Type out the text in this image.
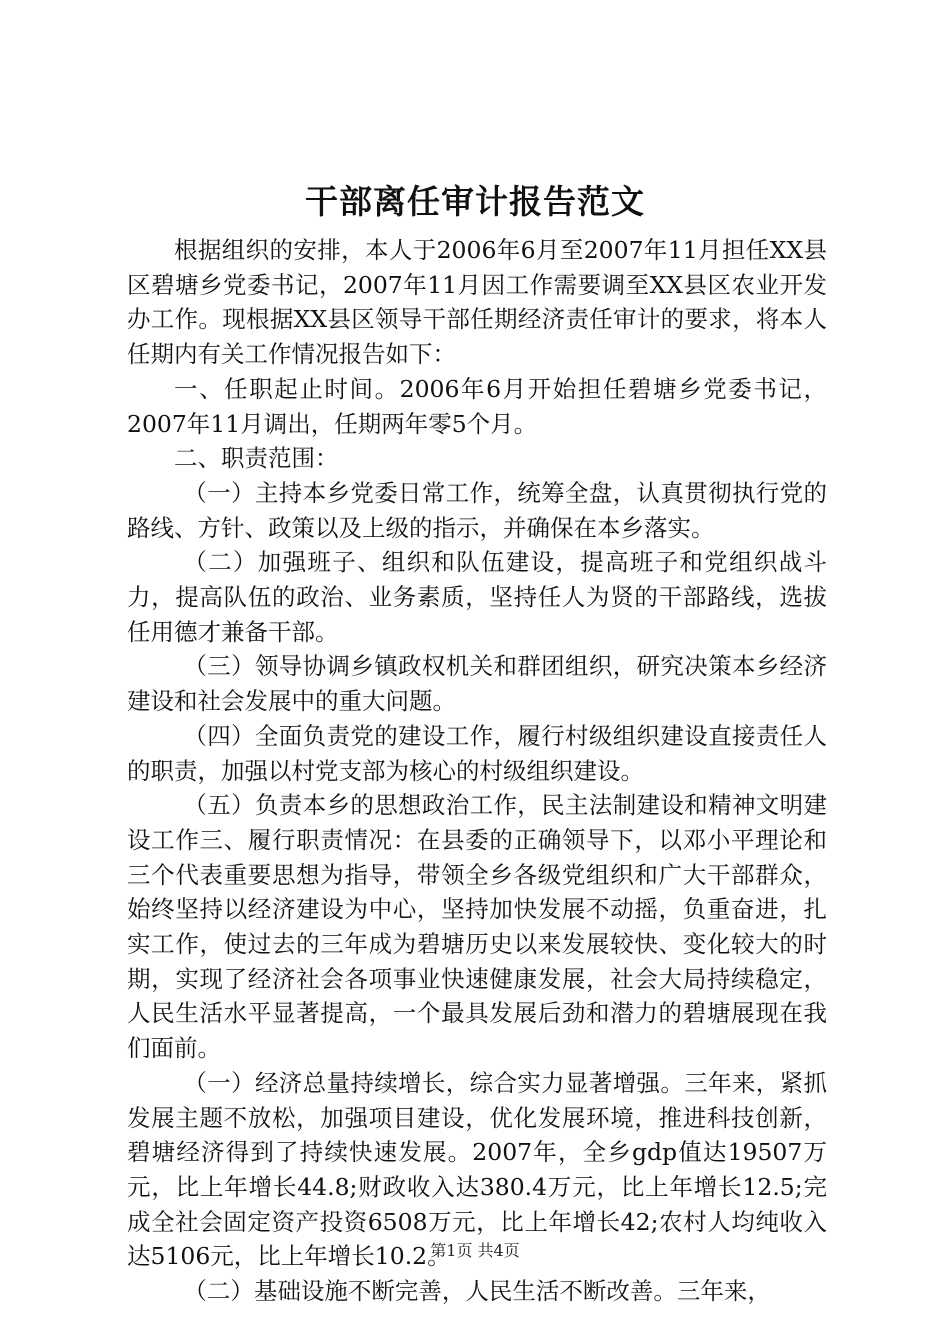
干部离任审计报告范文

根据组织的安排，本人于2006年6月至2007年11月担任XX县区碧塘乡党委书记，2007年11月因工作需要调至XX县区农业开发办工作。现根据XX县区领导干部任期经济责任审计的要求，将本人任期内有关工作情况报告如下：

一、任职起止时间。2006年6月开始担任碧塘乡党委书记，2007年11月调出，任期两年零5个月。

二、职责范围：

（一）主持本乡党委日常工作，统筹全盘，认真贯彻执行党的路线、方针、政策以及上级的指示，并确保在本乡落实。

（二）加强班子、组织和队伍建设，提高班子和党组织战斗力，提高队伍的政治、业务素质，坚持任人为贤的干部路线，选拔任用德才兼备干部。

（三）领导协调乡镇政权机关和群团组织，研究决策本乡经济建设和社会发展中的重大问题。

（四）全面负责党的建设工作，履行村级组织建设直接责任人的职责，加强以村党支部为核心的村级组织建设。

（五）负责本乡的思想政治工作，民主法制建设和精神文明建设工作三、履行职责情况：在县委的正确领导下，以邓小平理论和三个代表重要思想为指导，带领全乡各级党组织和广大干部群众，始终坚持以经济建设为中心，坚持加快发展不动摇，负重奋进，扎实工作，使过去的三年成为碧塘历史以来发展较快、变化较大的时期，实现了经济社会各项事业快速健康发展，社会大局持续稳定，人民生活水平显著提高，一个最具发展后劲和潜力的碧塘展现在我们面前。

（一）经济总量持续增长，综合实力显著增强。三年来，紧抓发展主题不放松，加强项目建设，优化发展环境，推进科技创新，碧塘经济得到了持续快速发展。2007年，全乡gdp值达19507万元，比上年增长44.8;财政收入达380.4万元，比上年增长12.5;完成全社会固定资产投资6508万元，比上年增长42;农村人均纯收入达5106元，比上年增长10.2。

（二）基础设施不断完善，人民生活不断改善。三年来，

第1页 共4页
